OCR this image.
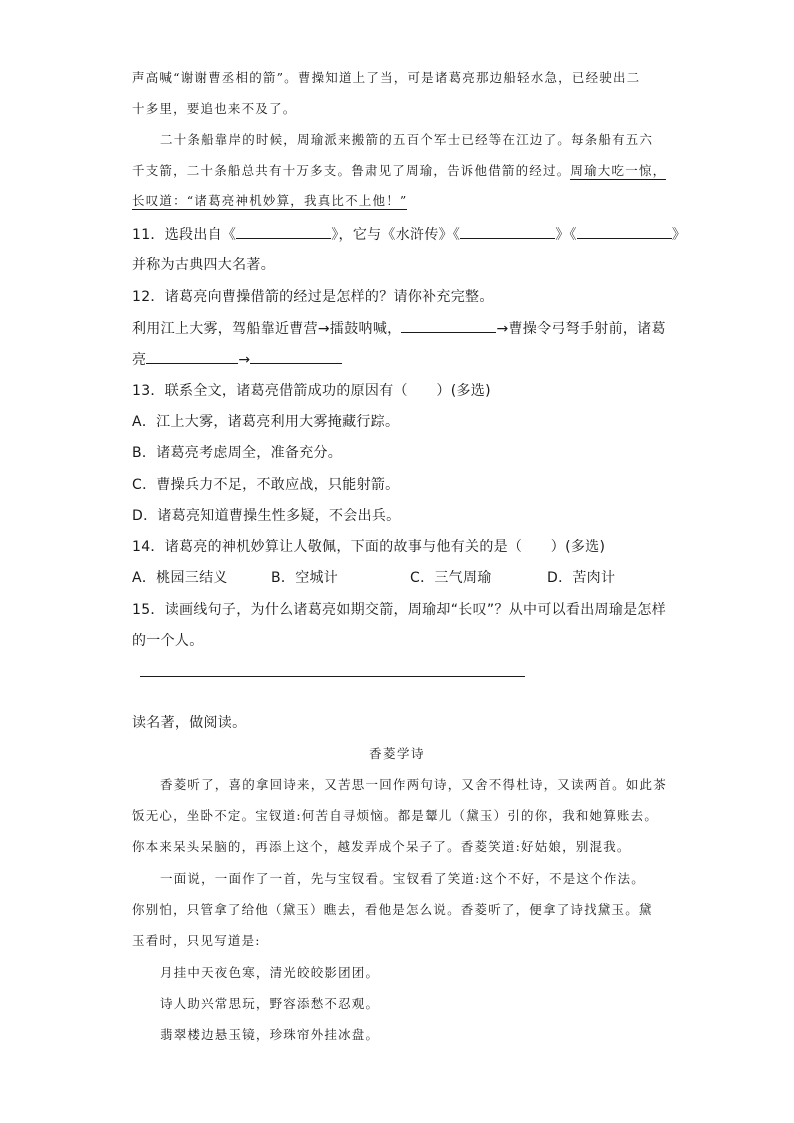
声高喊“谢谢曹丞相的箭”。曹操知道上了当，可是诸葛亮那边船轻水急，已经驶出二
十多里，要追也来不及了。
二十条船靠岸的时候，周瑜派来搬箭的五百个军士已经等在江边了。每条船有五六
千支箭，二十条船总共有十万多支。鲁肃见了周瑜，告诉他借箭的经过。周瑜大吃一惊，
长叹道：“诸葛亮神机妙算，我真比不上他！”
11．选段出自《	》，它与《水浒传》《	》《	》
并称为古典四大名著。
12．诸葛亮向曹操借箭的经过是怎样的？请你补充完整。
利用江上大雾，驾船靠近曹营→擂鼓呐喊，	→曹操令弓弩手射前，诸葛
亮	→
13．联系全文，诸葛亮借箭成功的原因有（　　）(多选)
A．江上大雾，诸葛亮利用大雾掩藏行踪。
B．诸葛亮考虑周全，准备充分。
C．曹操兵力不足，不敢应战，只能射箭。
D．诸葛亮知道曹操生性多疑，不会出兵。
14．诸葛亮的神机妙算让人敬佩，下面的故事与他有关的是（　　）(多选)
A．桃园三结义	B．空城计	C．三气周瑜	D．苦肉计
15．读画线句子，为什么诸葛亮如期交箭，周瑜却“长叹”？从中可以看出周瑜是怎样
的一个人。
读名著，做阅读。
香菱学诗
香菱听了，喜的拿回诗来，又苦思一回作两句诗，又舍不得杜诗，又读两首。如此茶
饭无心，坐卧不定。宝钗道:何苦自寻烦恼。都是颦儿（黛玉）引的你，我和她算账去。
你本来呆头呆脑的，再添上这个，越发弄成个呆子了。香菱笑道:好姑娘，别混我。
一面说，一面作了一首，先与宝钗看。宝钗看了笑道:这个不好，不是这个作法。
你别怕，只管拿了给他（黛玉）瞧去，看他是怎么说。香菱听了，便拿了诗找黛玉。黛
玉看时，只见写道是:
月挂中天夜色寒，清光皎皎影团团。
诗人助兴常思玩，野容添愁不忍观。
翡翠楼边悬玉镜，珍珠帘外挂冰盘。
